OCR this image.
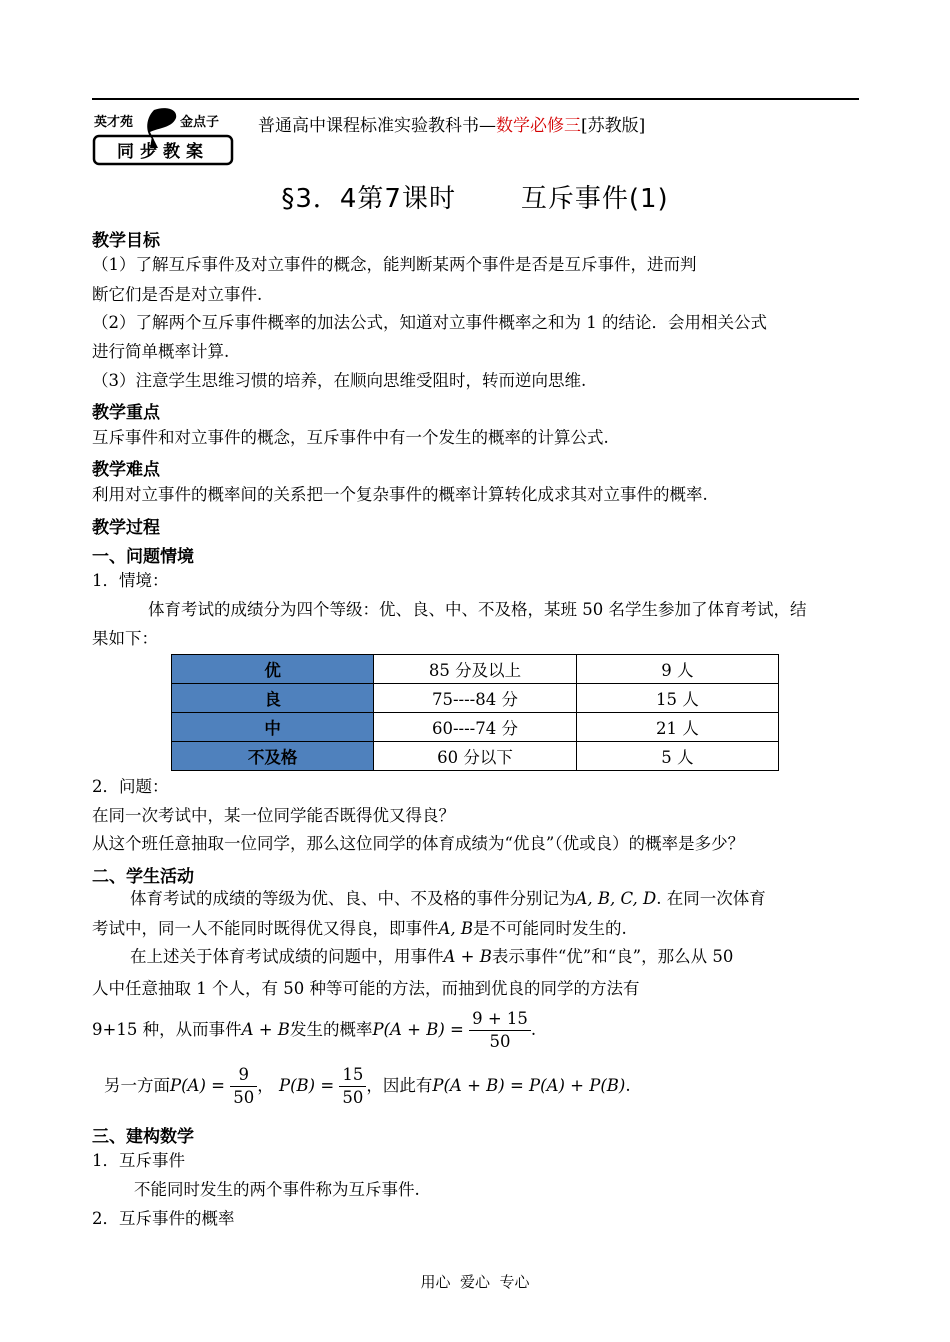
英才苑	金点子
同步教案
普通高中课程标准实验教科书—数学必修三[苏教版]
§3．4第7课时       互斥事件(1)
教学目标
（1）了解互斥事件及对立事件的概念，能判断某两个事件是否是互斥事件，进而判
断它们是否是对立事件.
（2）了解两个互斥事件概率的加法公式，知道对立事件概率之和为 1 的结论．会用相关公式
进行简单概率计算.
（3）注意学生思维习惯的培养，在顺向思维受阻时，转而逆向思维.
教学重点
互斥事件和对立事件的概念，互斥事件中有一个发生的概率的计算公式.
教学难点
利用对立事件的概率间的关系把一个复杂事件的概率计算转化成求其对立事件的概率.
教学过程
一、问题情境
1．情境：
体育考试的成绩分为四个等级：优、良、中、不及格，某班 50 名学生参加了体育考试，结
果如下：
优	85 分及以上	9 人
良	75----84 分	15 人
中	60----74 分	21 人
不及格	60 分以下	5 人
2．问题：
在同一次考试中，某一位同学能否既得优又得良？
从这个班任意抽取一位同学，那么这位同学的体育成绩为“优良”（优或良）的概率是多少？
二、学生活动
体育考试的成绩的等级为优、良、中、不及格的事件分别记为A, B, C, D. 在同一次体育
考试中，同一人不能同时既得优又得良，即事件A, B是不可能同时发生的.
在上述关于体育考试成绩的问题中，用事件A + B表示事件“优”和“良”，那么从 50
人中任意抽取 1 个人，有 50 种等可能的方法，而抽到优良的同学的方法有
9+15 种，从而事件A + B发生的概率$P(A + B) = \frac{9 + 15}{50}$ .
另一方面$P(A) = \frac{9}{50}$ ， $P(B) = \frac{15}{50}$ ，因此有P(A + B) = P(A) + P(B).
三、建构数学
1．互斥事件
不能同时发生的两个事件称为互斥事件.
2．互斥事件的概率
用心  爱心  专心
